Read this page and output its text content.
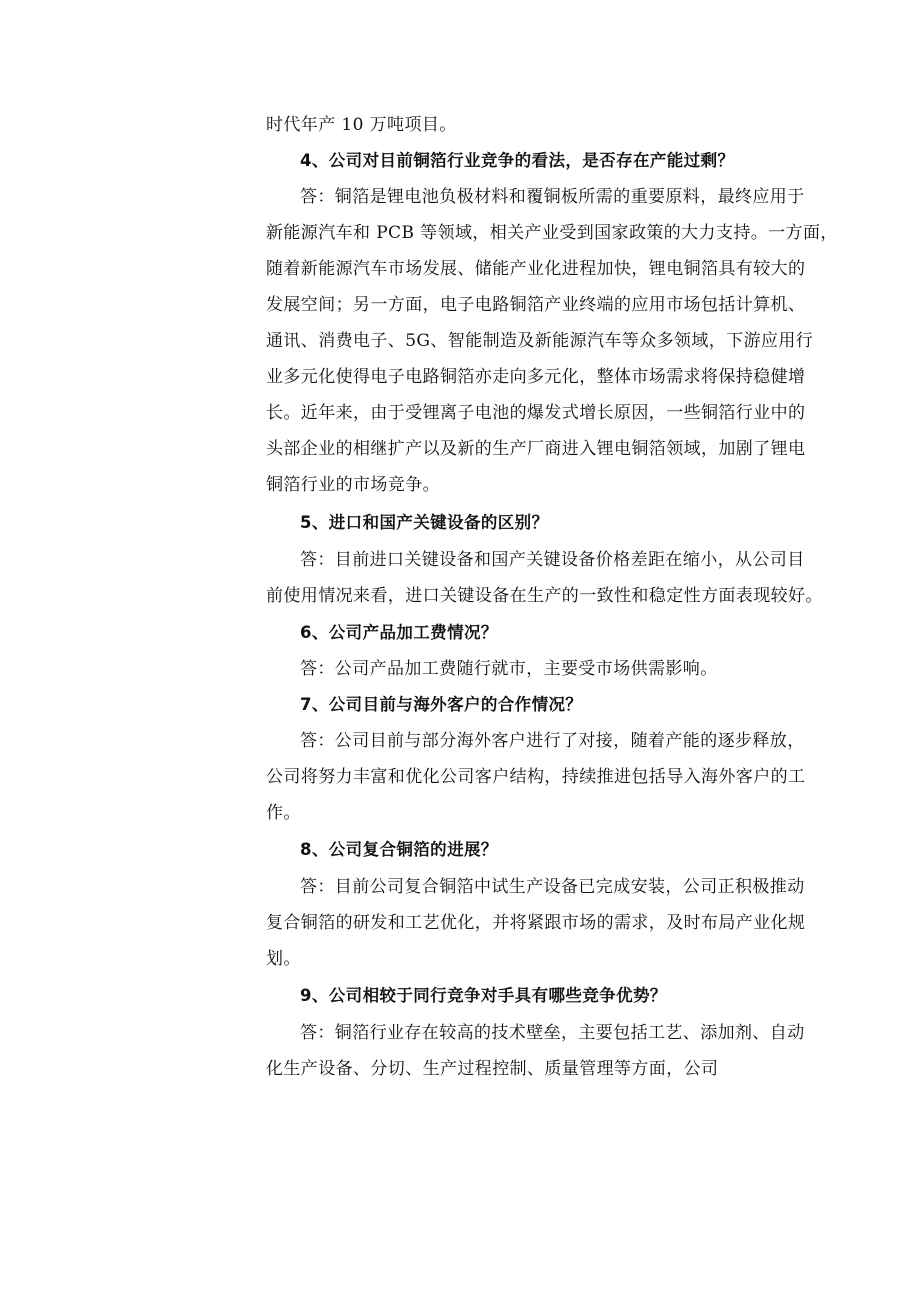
时代年产 10 万吨项目。
4、公司对目前铜箔行业竞争的看法，是否存在产能过剩？
答：铜箔是锂电池负极材料和覆铜板所需的重要原料，最终应用于
新能源汽车和 PCB 等领域，相关产业受到国家政策的大力支持。一方面，
随着新能源汽车市场发展、储能产业化进程加快，锂电铜箔具有较大的
发展空间；另一方面，电子电路铜箔产业终端的应用市场包括计算机、
通讯、消费电子、5G、智能制造及新能源汽车等众多领域，下游应用行
业多元化使得电子电路铜箔亦走向多元化，整体市场需求将保持稳健增
长。近年来，由于受锂离子电池的爆发式增长原因，一些铜箔行业中的
头部企业的相继扩产以及新的生产厂商进入锂电铜箔领域，加剧了锂电
铜箔行业的市场竞争。
5、进口和国产关键设备的区别？
答：目前进口关键设备和国产关键设备价格差距在缩小，从公司目
前使用情况来看，进口关键设备在生产的一致性和稳定性方面表现较好。
6、公司产品加工费情况？
答：公司产品加工费随行就市，主要受市场供需影响。
7、公司目前与海外客户的合作情况？
答：公司目前与部分海外客户进行了对接，随着产能的逐步释放，
公司将努力丰富和优化公司客户结构，持续推进包括导入海外客户的工
作。
8、公司复合铜箔的进展？
答：目前公司复合铜箔中试生产设备已完成安装，公司正积极推动
复合铜箔的研发和工艺优化，并将紧跟市场的需求，及时布局产业化规
划。
9、公司相较于同行竞争对手具有哪些竞争优势？
答：铜箔行业存在较高的技术壁垒，主要包括工艺、添加剂、自动
化生产设备、分切、生产过程控制、质量管理等方面，公司
